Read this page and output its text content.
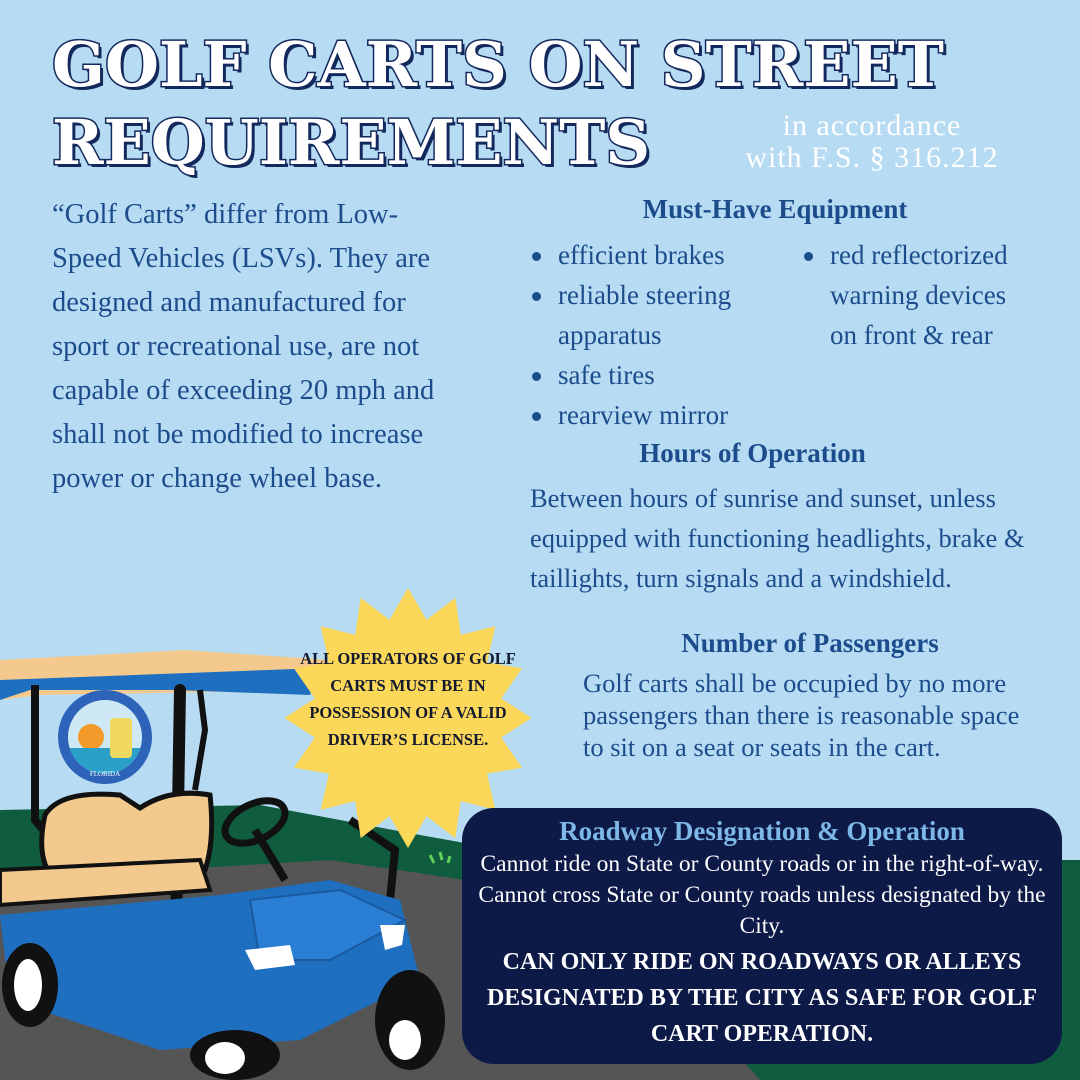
FLORIDA
GOLF CARTS ON STREET
REQUIREMENTS	in accordance
with F.S. § 316.212
“Golf Carts” differ from Low-Speed Vehicles (LSVs). They are designed and manufactured for sport or recreational use, are not capable of exceeding 20 mph and shall not be modified to increase power or change wheel base.
Must-Have Equipment
efficient brakes
reliable steering apparatus
safe tires
rearview mirror
red reflectorized warning devices on front & rear
Hours of Operation
Between hours of sunrise and sunset, unless equipped with functioning headlights, brake & taillights, turn signals and a windshield.
Number of Passengers
Golf carts shall be occupied by no more passengers than there is reasonable space to sit on a seat or seats in the cart.
ALL OPERATORS OF GOLF CARTS MUST BE IN POSSESSION OF A VALID DRIVER’S LICENSE.
Roadway Designation & Operation
Cannot ride on State or County roads or in the right-of-way. Cannot cross State or County roads unless designated by the City.
CAN ONLY RIDE ON ROADWAYS OR ALLEYS DESIGNATED BY THE CITY AS SAFE FOR GOLF CART OPERATION.
